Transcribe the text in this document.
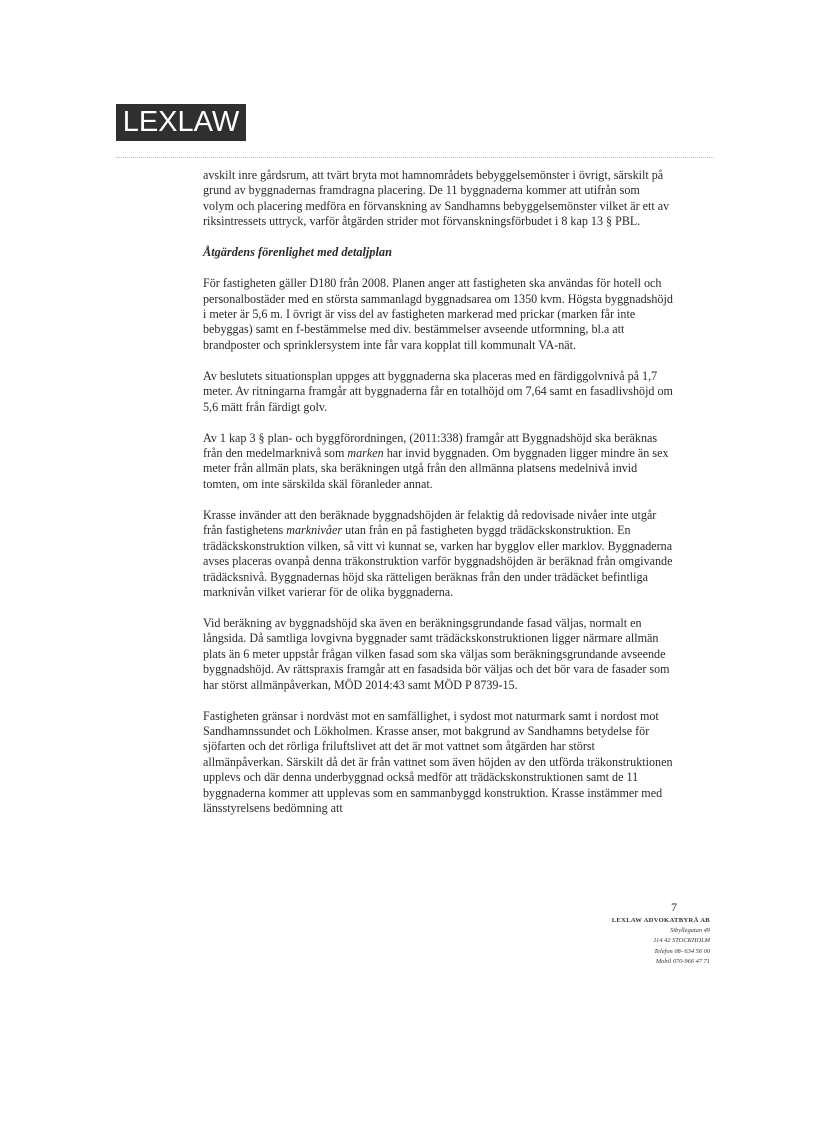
LEXLAW

avskilt inre gårdsrum, att tvärt bryta mot hamnområdets bebyggelsemönster i övrigt, särskilt på grund av byggnadernas framdragna placering. De 11 byggnaderna kommer att utifrån som volym och placering medföra en förvanskning av Sandhamns bebyggelsemönster vilket är ett av riksintressets uttryck, varför åtgärden strider mot förvanskningsförbudet i 8 kap 13 § PBL.

Åtgärdens förenlighet med detaljplan

För fastigheten gäller D180 från 2008. Planen anger att fastigheten ska användas för hotell och personalbostäder med en största sammanlagd byggnadsarea om 1350 kvm. Högsta byggnadshöjd i meter är 5,6 m. I övrigt är viss del av fastigheten markerad med prickar (marken får inte bebyggas) samt en f-bestämmelse med div. bestämmelser avseende utformning, bl.a att brandposter och sprinklersystem inte får vara kopplat till kommunalt VA-nät.

Av beslutets situationsplan uppges att byggnaderna ska placeras med en färdiggolvnivå på 1,7 meter. Av ritningarna framgår att byggnaderna får en totalhöjd om 7,64 samt en fasadlivshöjd om 5,6 mätt från färdigt golv.

Av 1 kap 3 § plan- och byggförordningen, (2011:338) framgår att Byggnadshöjd ska beräknas från den medelmarknivå som marken har invid byggnaden. Om byggnaden ligger mindre än sex meter från allmän plats, ska beräkningen utgå från den allmänna platsens medelnivå invid tomten, om inte särskilda skäl föranleder annat.

Krasse invänder att den beräknade byggnadshöjden är felaktig då redovisade nivåer inte utgår från fastighetens marknivåer utan från en på fastigheten byggd trädäckskonstruktion. En trädäckskonstruktion vilken, så vitt vi kunnat se, varken har bygglov eller marklov. Byggnaderna avses placeras ovanpå denna träkonstruktion varför byggnadshöjden är beräknad från omgivande trädäcksnivå. Byggnadernas höjd ska rätteligen beräknas från den under trädäcket befintliga marknivån vilket varierar för de olika byggnaderna.

Vid beräkning av byggnadshöjd ska även en beräkningsgrundande fasad väljas, normalt en långsida. Då samtliga lovgivna byggnader samt trädäckskonstruktionen ligger närmare allmän plats än 6 meter uppstår frågan vilken fasad som ska väljas som beräkningsgrundande avseende byggnadshöjd. Av rättspraxis framgår att en fasadsida bör väljas och det bör vara de fasader som har störst allmänpåverkan, MÖD 2014:43 samt MÖD P 8739-15.

Fastigheten gränsar i nordväst mot en samfällighet, i sydost mot naturmark samt i nordost mot Sandhamnssundet och Lökholmen. Krasse anser, mot bakgrund av Sandhamns betydelse för sjöfarten och det rörliga friluftslivet att det är mot vattnet som åtgärden har störst allmänpåverkan. Särskilt då det är från vattnet som även höjden av den utförda träkonstruktionen upplevs och där denna underbyggnad också medför att trädäckskonstruktionen samt de 11 byggnaderna kommer att upplevas som en sammanbyggd konstruktion. Krasse instämmer med länsstyrelsens bedömning att

7
LEXLAW ADVOKATBYRÅ AB
Sibyllegatan 49
114 42 STOCKHOLM
Telefon 08- 634 56 00
Mobil 070-966 47 71
